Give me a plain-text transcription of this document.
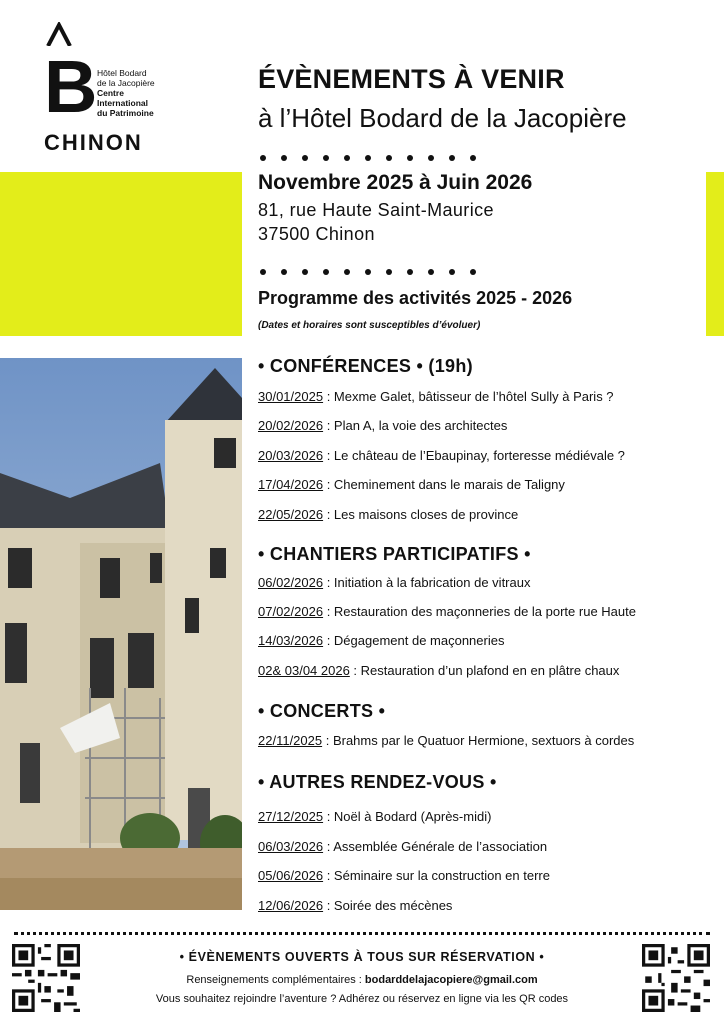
B Hôtel Bodard
de la Jacopière
Centre
International
du Patrimoine
CHINON
ÉVÈNEMENTS À VENIR
à l’Hôtel Bodard de la Jacopière
Novembre 2025 à Juin 2026
81, rue Haute Saint-Maurice
37500 Chinon
Programme des activités 2025 - 2026
(Dates et horaires sont susceptibles d’évoluer)
• CONFÉRENCES • (19h)
30/01/2025 : Mexme Galet, bâtisseur de l’hôtel Sully à Paris ?
20/02/2026 : Plan A, la voie des architectes
20/03/2026 : Le château de l’Ebaupinay, forteresse médiévale ?
17/04/2026 : Cheminement dans le marais de Taligny
22/05/2026 : Les maisons closes de province
• CHANTIERS PARTICIPATIFS •
06/02/2026 : Initiation à la fabrication de vitraux
07/02/2026 : Restauration des maçonneries de la porte rue Haute
14/03/2026 : Dégagement de maçonneries
02& 03/04 2026 : Restauration d’un plafond en en plâtre chaux
• CONCERTS •
22/11/2025 : Brahms par le Quatuor Hermione, sextuors à cordes
• AUTRES RENDEZ-VOUS •
27/12/2025 : Noël à Bodard (Après-midi)
06/03/2026 : Assemblée Générale de l’association
05/06/2026 : Séminaire sur la construction en terre
12/06/2026 : Soirée des mécènes
• ÉVÈNEMENTS OUVERTS À TOUS SUR RÉSERVATION •
Renseignements complémentaires : bodarddelajacopiere@gmail.com
Vous souhaitez rejoindre l’aventure ? Adhérez ou réservez en ligne via les QR codes
